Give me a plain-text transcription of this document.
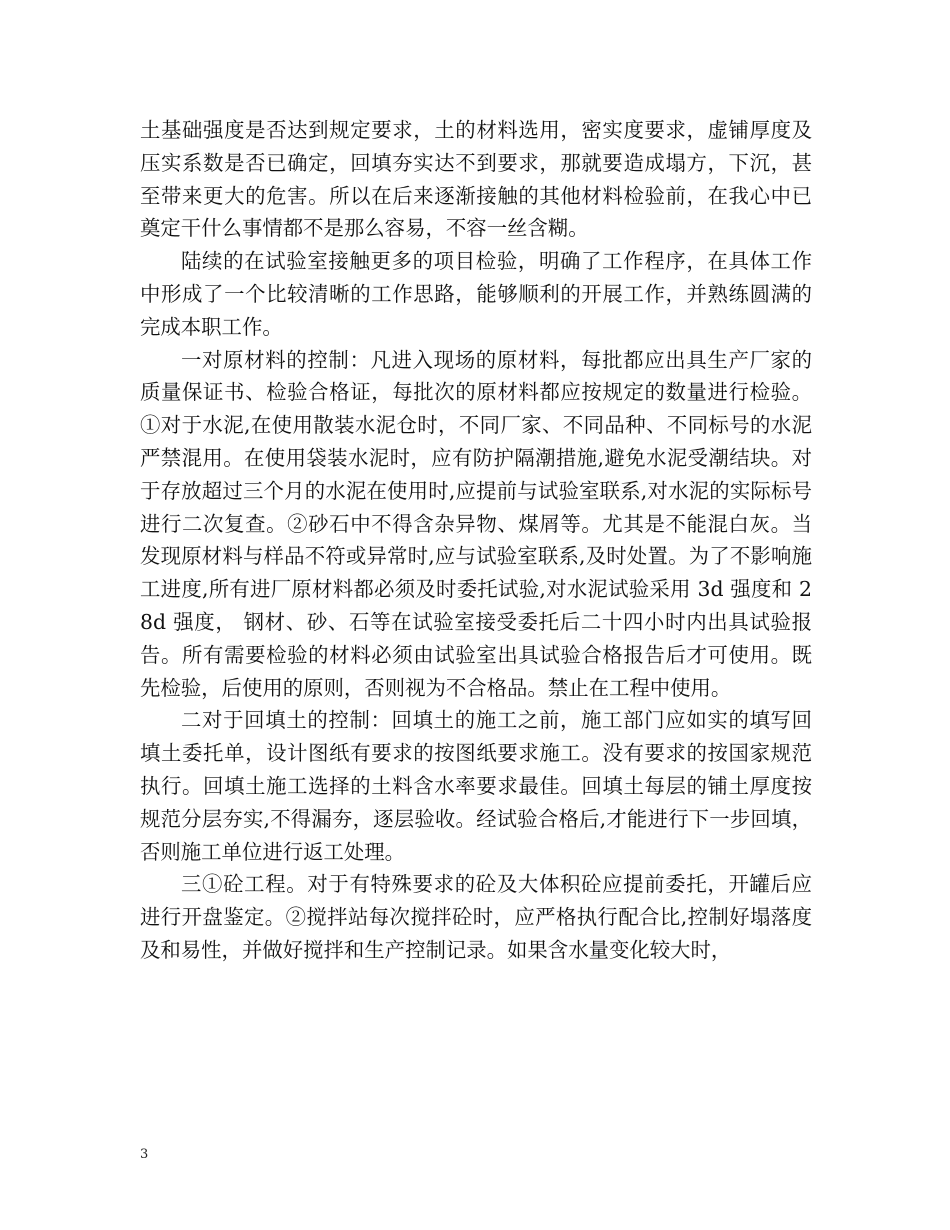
土基础强度是否达到规定要求，土的材料选用，密实度要求，虚铺厚度及压实系数是否已确定，回填夯实达不到要求，那就要造成塌方，下沉，甚至带来更大的危害。所以在后来逐渐接触的其他材料检验前，在我心中已奠定干什么事情都不是那么容易，不容一丝含糊。

陆续的在试验室接触更多的项目检验，明确了工作程序，在具体工作中形成了一个比较清晰的工作思路，能够顺利的开展工作，并熟练圆满的完成本职工作。

一对原材料的控制：凡进入现场的原材料，每批都应出具生产厂家的质量保证书、检验合格证，每批次的原材料都应按规定的数量进行检验。①对于水泥,在使用散装水泥仓时，不同厂家、不同品种、不同标号的水泥严禁混用。在使用袋装水泥时，应有防护隔潮措施,避免水泥受潮结块。对于存放超过三个月的水泥在使用时,应提前与试验室联系,对水泥的实际标号进行二次复查。②砂石中不得含杂异物、煤屑等。尤其是不能混白灰。当发现原材料与样品不符或异常时,应与试验室联系,及时处置。为了不影响施工进度,所有进厂原材料都必须及时委托试验,对水泥试验采用 3d 强度和 28d 强度， 钢材、砂、石等在试验室接受委托后二十四小时内出具试验报告。所有需要检验的材料必须由试验室出具试验合格报告后才可使用。既先检验，后使用的原则，否则视为不合格品。禁止在工程中使用。

二对于回填土的控制：回填土的施工之前，施工部门应如实的填写回填土委托单，设计图纸有要求的按图纸要求施工。没有要求的按国家规范执行。回填土施工选择的土料含水率要求最佳。回填土每层的铺土厚度按规范分层夯实,不得漏夯，逐层验收。经试验合格后,才能进行下一步回填，否则施工单位进行返工处理。

三①砼工程。对于有特殊要求的砼及大体积砼应提前委托，开罐后应进行开盘鉴定。②搅拌站每次搅拌砼时，应严格执行配合比,控制好塌落度及和易性，并做好搅拌和生产控制记录。如果含水量变化较大时，

3
